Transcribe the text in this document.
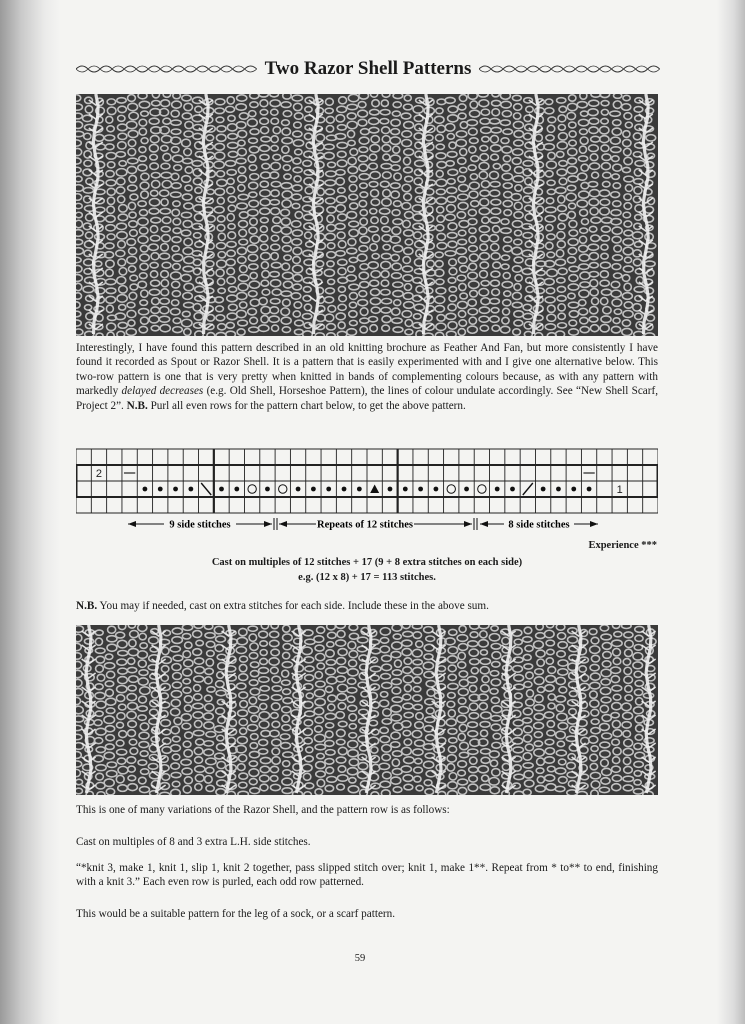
Two Razor Shell Patterns

Interestingly, I have found this pattern described in an old knitting brochure as Feather And Fan, but more consistently I have found it recorded as Spout or Razor Shell. It is a pattern that is easily experimented with and I give one alternative below. This two-row pattern is one that is very pretty when knitted in bands of complementing colours because, as with any pattern with markedly delayed decreases (e.g. Old Shell, Horseshoe Pattern), the lines of colour undulate accordingly. See “New Shell Scarf, Project 2”. N.B. Purl all even rows for the pattern chart below, to get the above pattern.

2
1
9 side stitches	Repeats of 12 stitches	8 side stitches
Experience ***
Cast on multiples of 12 stitches + 17 (9 + 8 extra stitches on each side)
e.g. (12 x 8) + 17 = 113 stitches.

N.B. You may if needed, cast on extra stitches for each side. Include these in the above sum.

This is one of many variations of the Razor Shell, and the pattern row is as follows:

Cast on multiples of 8 and 3 extra L.H. side stitches.

“*knit 3, make 1, knit 1, slip 1, knit 2 together, pass slipped stitch over; knit 1, make 1**. Repeat from * to** to end, finishing with a knit 3.” Each even row is purled, each odd row patterned.

This would be a suitable pattern for the leg of a sock, or a scarf pattern.

59
